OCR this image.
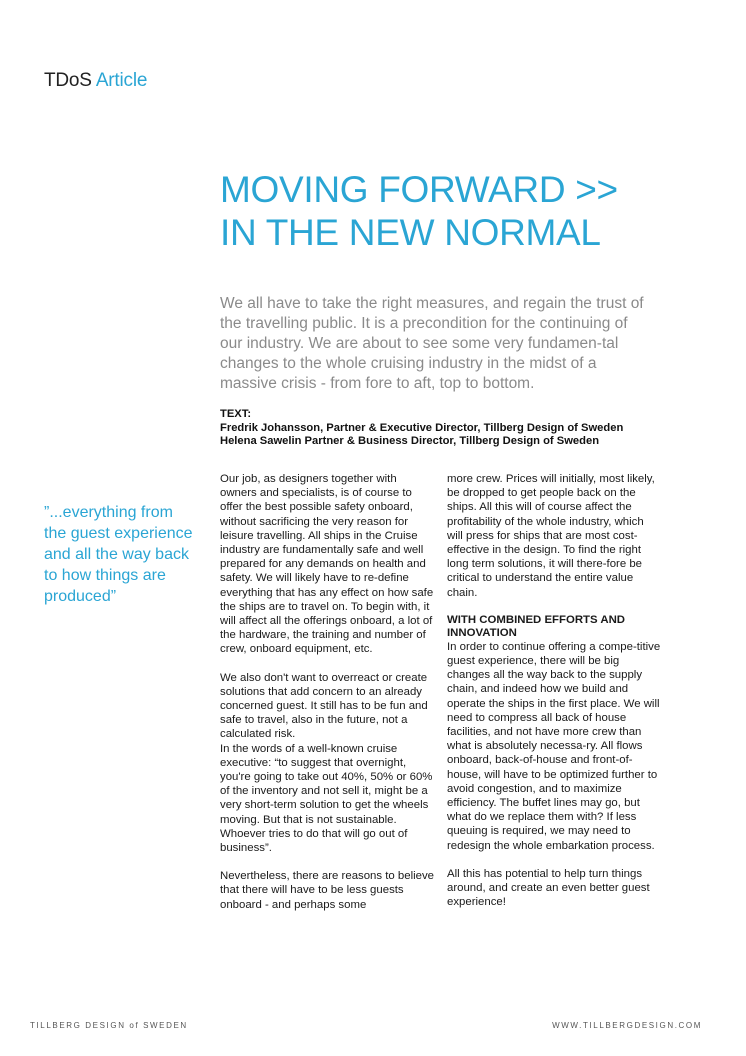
TDoS Article
MOVING FORWARD >>
IN THE NEW NORMAL

We all have to take the right measures, and regain the trust of the travelling public. It is a precondition for the continuing of our industry. We are about to see some very fundamen-tal changes to the whole cruising industry in the midst of a massive crisis - from fore to aft, top to bottom.

TEXT:
Fredrik Johansson, Partner & Executive Director, Tillberg Design of Sweden
Helena Sawelin Partner & Business Director, Tillberg Design of Sweden

”...everything from the guest experience and all the way back to how things are produced”

Our job, as designers together with owners and specialists, is of course to offer the best possible safety onboard, without sacrificing the very reason for leisure travelling. All ships in the Cruise industry are fundamentally safe and well prepared for any demands on health and safety. We will likely have to re-define everything that has any effect on how safe the ships are to travel on. To begin with, it will affect all the offerings onboard, a lot of the hardware, the training and number of crew, onboard equipment, etc.

We also don't want to overreact or create solutions that add concern to an already concerned guest. It still has to be fun and safe to travel, also in the future, not a calculated risk.

In the words of a well-known cruise executive: “to suggest that overnight, you're going to take out 40%, 50% or 60% of the inventory and not sell it, might be a very short-term solution to get the wheels moving. But that is not sustainable. Whoever tries to do that will go out of business”.

Nevertheless, there are reasons to believe that there will have to be less guests onboard - and perhaps some

more crew. Prices will initially, most likely, be dropped to get people back on the ships. All this will of course affect the profitability of the whole industry, which will press for ships that are most cost-effective in the design. To find the right long term solutions, it will there-fore be critical to understand the entire value chain.

WITH COMBINED EFFORTS AND INNOVATION

In order to continue offering a compe-titive guest experience, there will be big changes all the way back to the supply chain, and indeed how we build and operate the ships in the first place. We will need to compress all back of house facilities, and not have more crew than what is absolutely necessa-ry. All flows onboard, back-of-house and front-of-house, will have to be optimized further to avoid congestion, and to maximize efficiency. The buffet lines may go, but what do we replace them with? If less queuing is required, we may need to redesign the whole embarkation process.

All this has potential to help turn things around, and create an even better guest experience!

TILLBERG DESIGN of SWEDEN	WWW.TILLBERGDESIGN.COM
